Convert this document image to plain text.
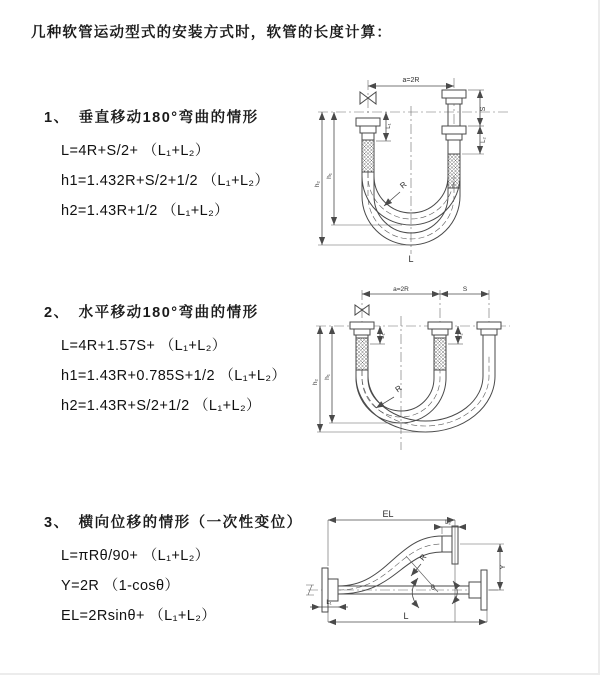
几种软管运动型式的安装方式时，软管的长度计算：
1、 垂直移动180°弯曲的情形
L=4R+S/2+ （L₁+L₂）
h1=1.432R+S/2+1/2 （L₁+L₂）
h2=1.43R+1/2 （L₁+L₂）
2、 水平移动180°弯曲的情形
L=4R+1.57S+ （L₁+L₂）
h1=1.43R+0.785S+1/2 （L₁+L₂）
h2=1.43R+S/2+1/2 （L₁+L₂）
3、 横向位移的情形（一次性变位）
L=πRθ/90+ （L₁+L₂）
Y=2R （1-cosθ）
EL=2Rsinθ+ （L₁+L₂）
a=2R
h₂
h₁
L₁
S
L₂
R
L
a=2R	S
h₂
h₁
L₁	L₂
R
θ
R
EL
L₂
Y
L
L₁
